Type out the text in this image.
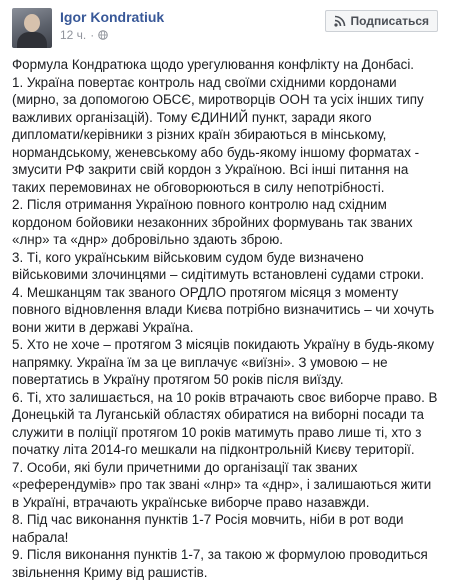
Igor Kondratiuk
12 ч. ·
Подписаться

Формула Кондратюка щодо урегулювання конфлікту на Донбасі.

1. Україна повертає контроль над своїми східними кордонами (мирно, за допомогою ОБСЄ, миротворців ООН та усіх інших типу важливих організацій). Тому ЄДИНИЙ пункт, заради якого дипломати/керівники з різних країн збираються в мінському, нормандському, женевському або будь-якому іншому форматах - змусити РФ закрити свій кордон з Україною. Всі інші питання на таких перемовинах не обговорюються в силу непотрібності.

2. Після отримання Україною повного контролю над східним кордоном бойовики незаконних збройних формувань так званих «лнр» та «днр» добровільно здають зброю.

3. Ті, кого українським військовим судом буде визначено військовими злочинцями – сидітимуть встановлені судами строки.

4. Мешканцям так званого ОРДЛО протягом місяця з моменту повного відновлення влади Києва потрібно визначитись – чи хочуть вони жити в державі Україна.

5. Хто не хоче – протягом 3 місяців покидають Україну в будь-якому напрямку. Україна їм за це виплачує «виїзні». З умовою – не повертатись в Україну протягом 50 років після виїзду.

6. Ті, хто залишається, на 10 років втрачають своє виборче право. В Донецькій та Луганській областях обиратися на виборні посади та служити в поліції протягом 10 років матимуть право лише ті, хто з початку літа 2014-го мешкали на підконтрольній Києву території.

7. Особи, які були причетними до організації так званих «референдумів» про так звані «лнр» та «днр», і залишаються жити в Україні, втрачають українське виборче право назавжди.

8. Під час виконання пунктів 1-7 Росія мовчить, ніби в рот води набрала!

9. Після виконання пунктів 1-7, за такою ж формулою проводиться звільнення Криму від рашистів.
